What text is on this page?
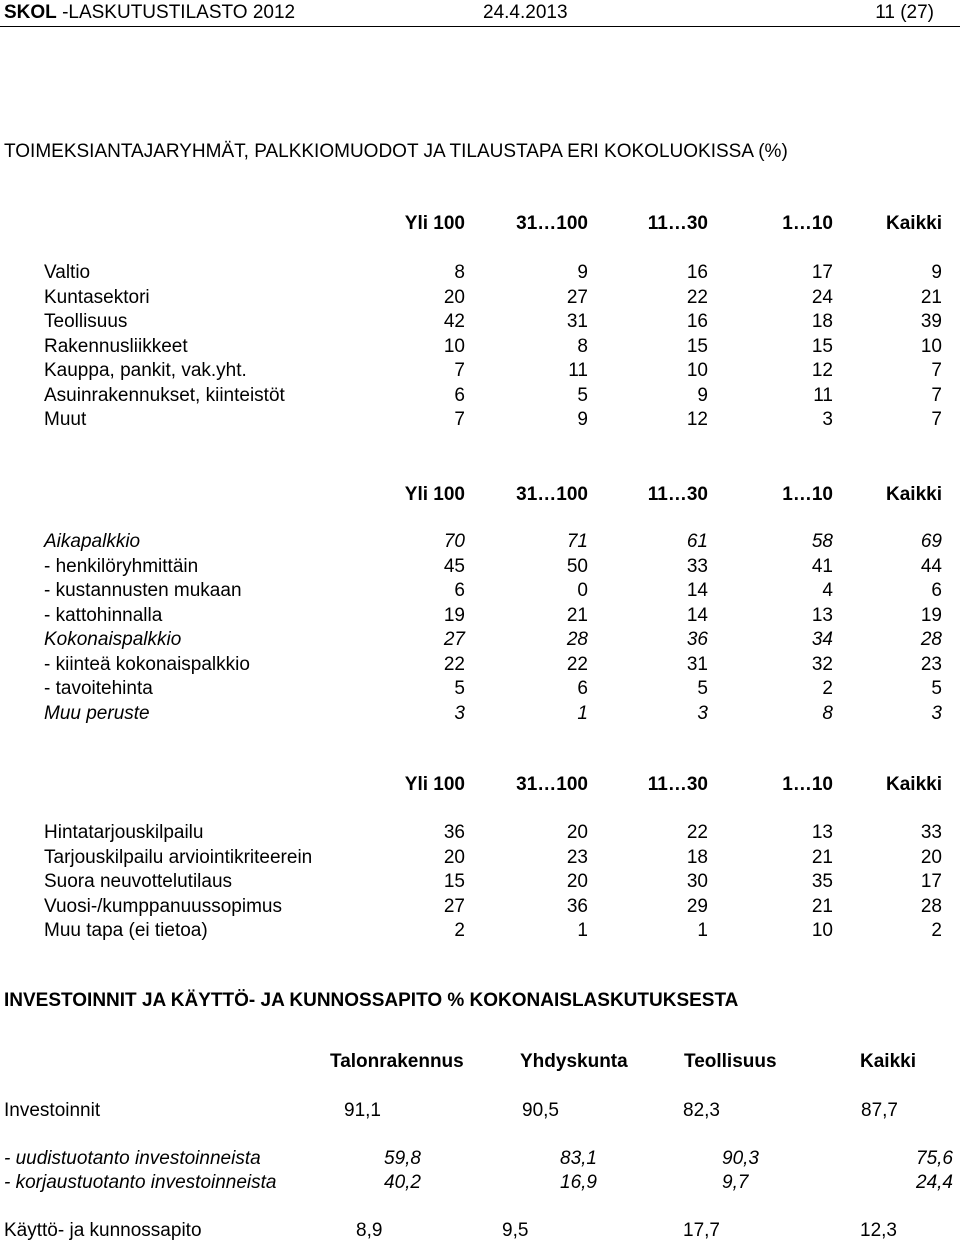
SKOL -LASKUTUSTILASTO 2012	24.4.2013	11 (27)
TOIMEKSIANTAJARYHMÄT, PALKKIOMUODOT JA TILAUSTAPA ERI KOKOLUOKISSA (%)
Yli 100	31…100	11…30	1…10	Kaikki
Valtio	8	9	16	17	9
Kuntasektori	20	27	22	24	21
Teollisuus	42	31	16	18	39
Rakennusliikkeet	10	8	15	15	10
Kauppa, pankit, vak.yht.	7	11	10	12	7
Asuinrakennukset, kiinteistöt	6	5	9	11	7
Muut	7	9	12	3	7
Yli 100	31…100	11…30	1…10	Kaikki
Aikapalkkio	70	71	61	58	69
- henkilöryhmittäin	45	50	33	41	44
- kustannusten mukaan	6	0	14	4	6
- kattohinnalla	19	21	14	13	19
Kokonaispalkkio	27	28	36	34	28
- kiinteä kokonaispalkkio	22	22	31	32	23
- tavoitehinta	5	6	5	2	5
Muu peruste	3	1	3	8	3
Yli 100	31…100	11…30	1…10	Kaikki
Hintatarjouskilpailu	36	20	22	13	33
Tarjouskilpailu arviointikriteerein	20	23	18	21	20
Suora neuvottelutilaus	15	20	30	35	17
Vuosi-/kumppanuussopimus	27	36	29	21	28
Muu tapa (ei tietoa)	2	1	1	10	2
INVESTOINNIT JA KÄYTTÖ- JA KUNNOSSAPITO % KOKONAISLASKUTUKSESTA
Talonrakennus	Yhdyskunta	Teollisuus	Kaikki
Investoinnit	91,1	90,5	82,3	87,7
- uudistuotanto investoinneista	59,8	83,1	90,3	75,6
- korjaustuotanto investoinneista	40,2	16,9	9,7	24,4
Käyttö- ja kunnossapito	8,9	9,5	17,7	12,3
